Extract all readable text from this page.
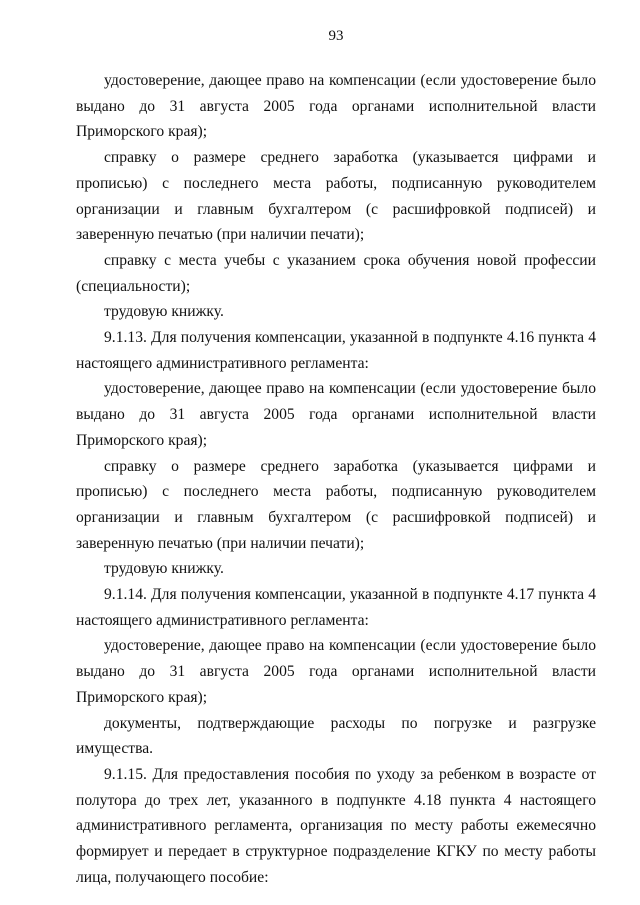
93

удостоверение, дающее право на компенсации (если удостоверение было выдано до 31 августа 2005 года органами исполнительной власти Приморского края);

справку о размере среднего заработка (указывается цифрами и прописью) с последнего места работы, подписанную руководителем организации и главным бухгалтером (с расшифровкой подписей) и заверенную печатью (при наличии печати);

справку с места учебы с указанием срока обучения новой профессии (специальности);

трудовую книжку.

9.1.13. Для получения компенсации, указанной в подпункте 4.16 пункта 4 настоящего административного регламента:

удостоверение, дающее право на компенсации (если удостоверение было выдано до 31 августа 2005 года органами исполнительной власти Приморского края);

справку о размере среднего заработка (указывается цифрами и прописью) с последнего места работы, подписанную руководителем организации и главным бухгалтером (с расшифровкой подписей) и заверенную печатью (при наличии печати);

трудовую книжку.

9.1.14. Для получения компенсации, указанной в подпункте 4.17 пункта 4 настоящего административного регламента:

удостоверение, дающее право на компенсации (если удостоверение было выдано до 31 августа 2005 года органами исполнительной власти Приморского края);

документы, подтверждающие расходы по погрузке и разгрузке имущества.

9.1.15. Для предоставления пособия по уходу за ребенком в возрасте от полутора до трех лет, указанного в подпункте 4.18 пункта 4 настоящего административного регламента, организация по месту работы ежемесячно формирует и передает в структурное подразделение КГКУ по месту работы лица, получающего пособие:
